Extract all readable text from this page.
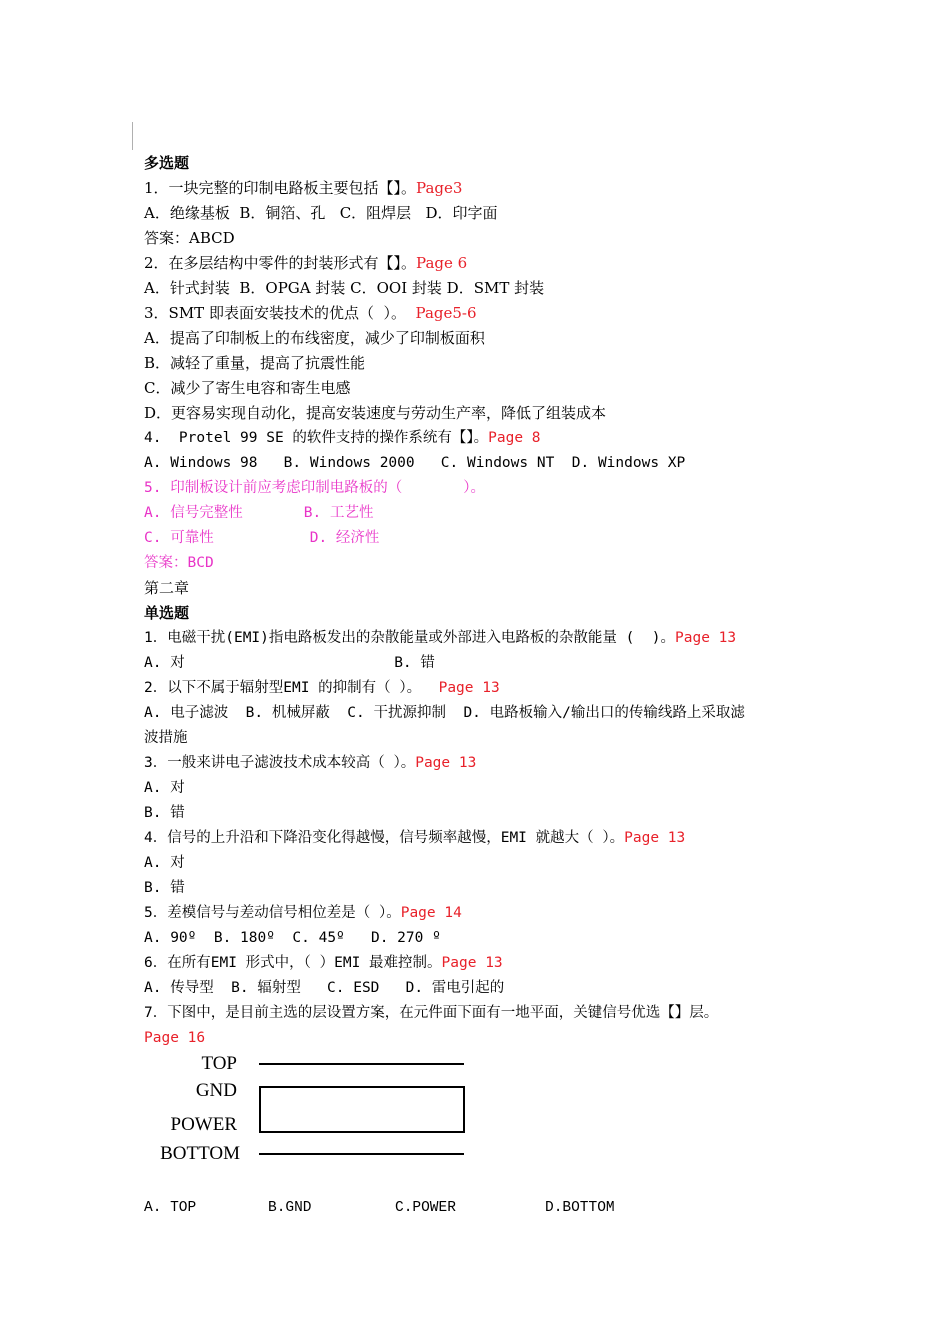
多选题
1．一块完整的印制电路板主要包括【】。Page3
A．绝缘基板  B．铜箔、孔   C．阻焊层   D．印字面
答案：ABCD
2．在多层结构中零件的封装形式有【】。Page 6
A．针式封装  B．OPGA 封装 C．OOI 封装 D．SMT 封装
3．SMT 即表面安装技术的优点（  ）。  Page5-6
A．提高了印制板上的布线密度，减少了印制板面积
B．减轻了重量，提高了抗震性能
C．减少了寄生电容和寄生电感
D．更容易实现自动化，提高安装速度与劳动生产率，降低了组装成本
4.  Protel 99 SE 的软件支持的操作系统有【】。Page 8
A. Windows 98   B. Windows 2000   C. Windows NT  D. Windows XP
5. 印制板设计前应考虑印制电路板的（       ）。
A. 信号完整性       B. 工艺性
C. 可靠性           D. 经济性
答案：BCD
第二章
单选题
1．电磁干扰(EMI)指电路板发出的杂散能量或外部进入电路板的杂散能量 (  )。Page 13
A. 对                        B. 错
2．以下不属于辐射型EMI 的抑制有（ ）。  Page 13
A. 电子滤波  B. 机械屏蔽  C. 干扰源抑制  D. 电路板输入/输出口的传输线路上采取滤
波措施
3．一般来讲电子滤波技术成本较高（ ）。Page 13
A. 对
B. 错
4．信号的上升沿和下降沿变化得越慢，信号频率越慢，EMI 就越大（ ）。Page 13
A. 对
B. 错
5．差模信号与差动信号相位差是（ ）。Page 14
A. 90º  B. 180º  C. 45º   D. 270 º
6．在所有EMI 形式中，（ ）EMI 最难控制。Page 13
A. 传导型  B. 辐射型   C. ESD   D. 雷电引起的
7．下图中，是目前主选的层设置方案，在元件面下面有一地平面，关键信号优选【】层。
Page 16
TOP
GND
POWER
BOTTOM
A. TOP	B.GND	C.POWER	D.BOTTOM
